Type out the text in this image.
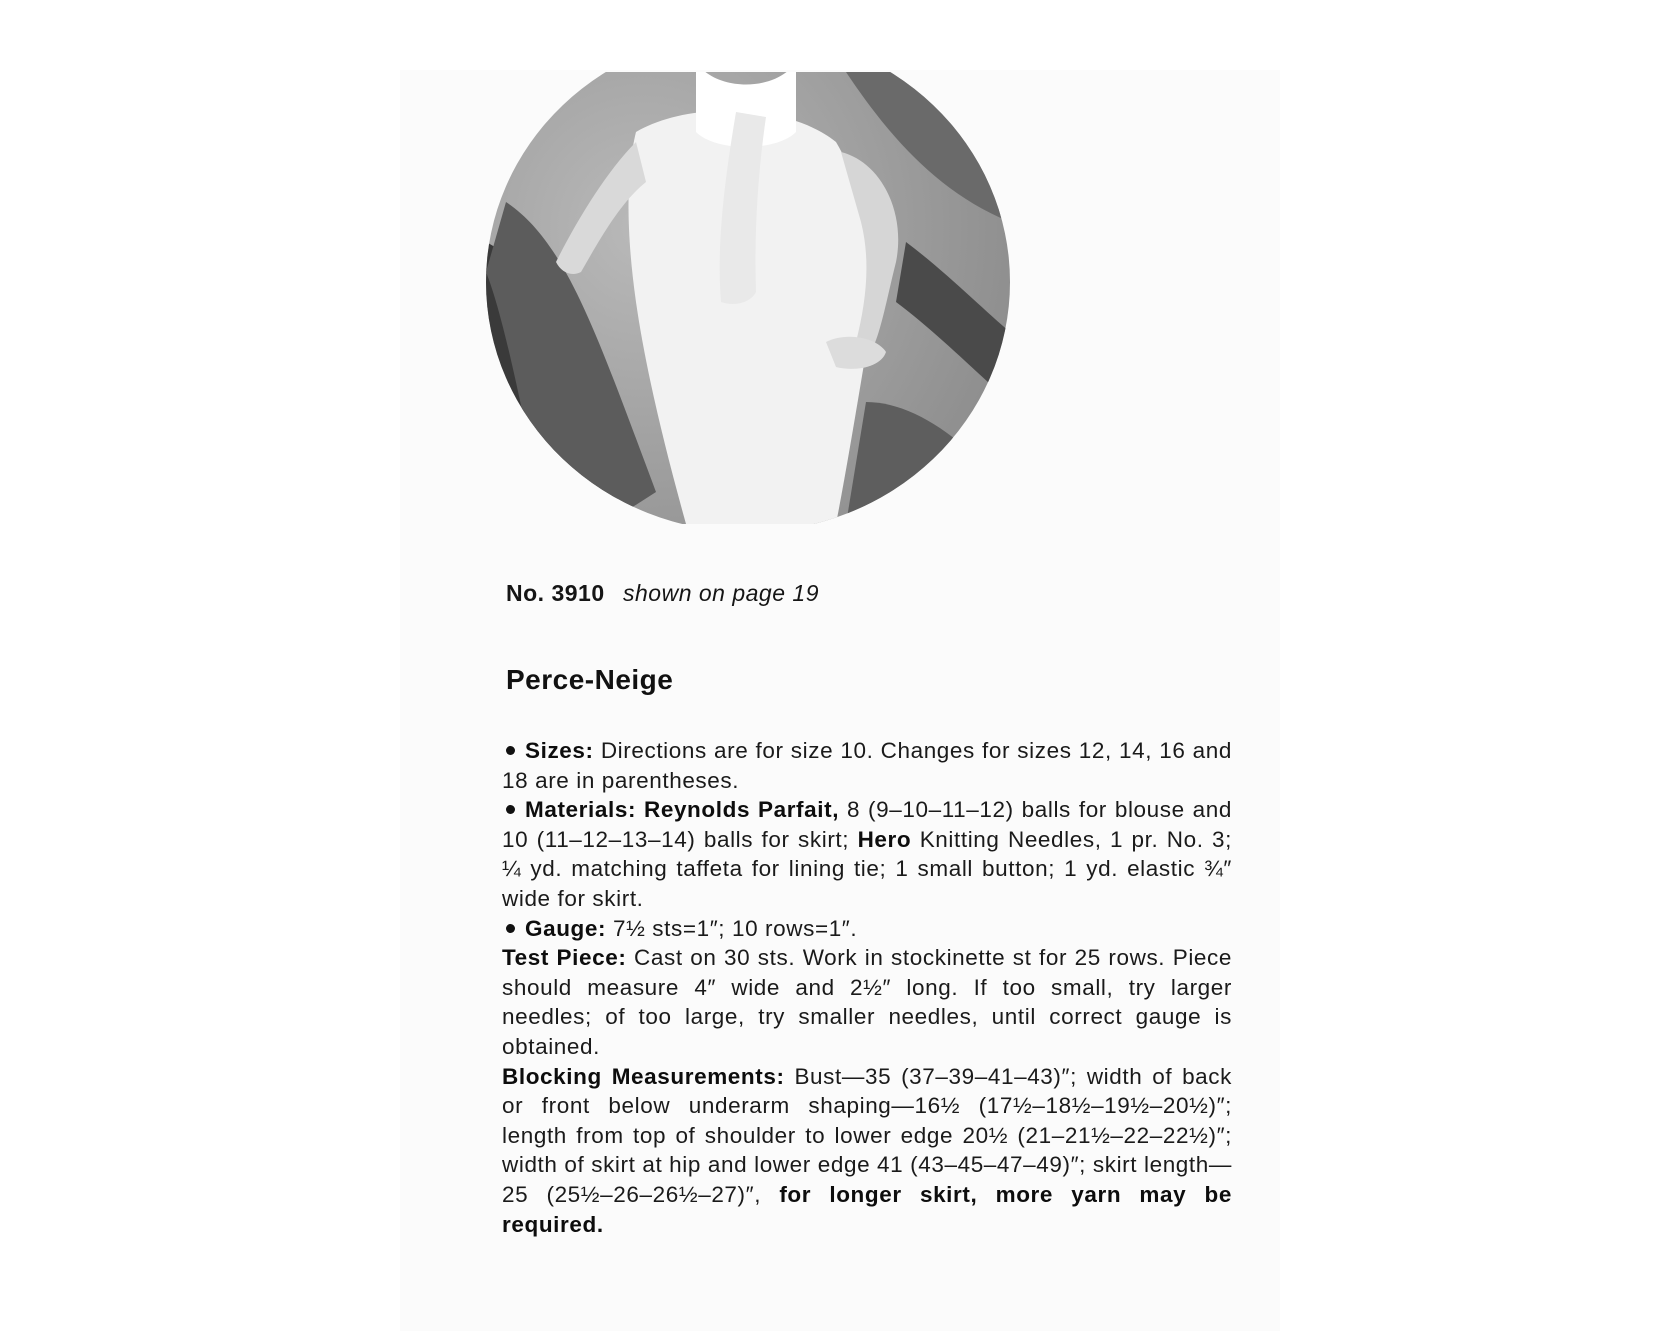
No. 3910 shown on page 19
Perce-Neige

Sizes: Directions are for size 10. Changes for sizes 12, 14, 16 and 18 are in parentheses.

Materials: Reynolds Parfait, 8 (9–10–11–12) balls for blouse and 10 (11–12–13–14) balls for skirt; Hero Knitting Needles, 1 pr. No. 3; ¼ yd. matching taffeta for lining tie; 1 small button; 1 yd. elastic ¾″ wide for skirt.

Gauge: 7½ sts=1″; 10 rows=1″.

Test Piece: Cast on 30 sts. Work in stockinette st for 25 rows. Piece should measure 4″ wide and 2½″ long. If too small, try larger needles; of too large, try smaller needles, until correct gauge is obtained.

Blocking Measurements: Bust—35 (37–39–41–43)″; width of back or front below underarm shaping—16½ (17½–18½–19½–20½)″; length from top of shoulder to lower edge 20½ (21–21½–22–22½)″; width of skirt at hip and lower edge 41 (43–45–47–49)″; skirt length—25 (25½–26–26½–27)″, for longer skirt, more yarn may be required.
